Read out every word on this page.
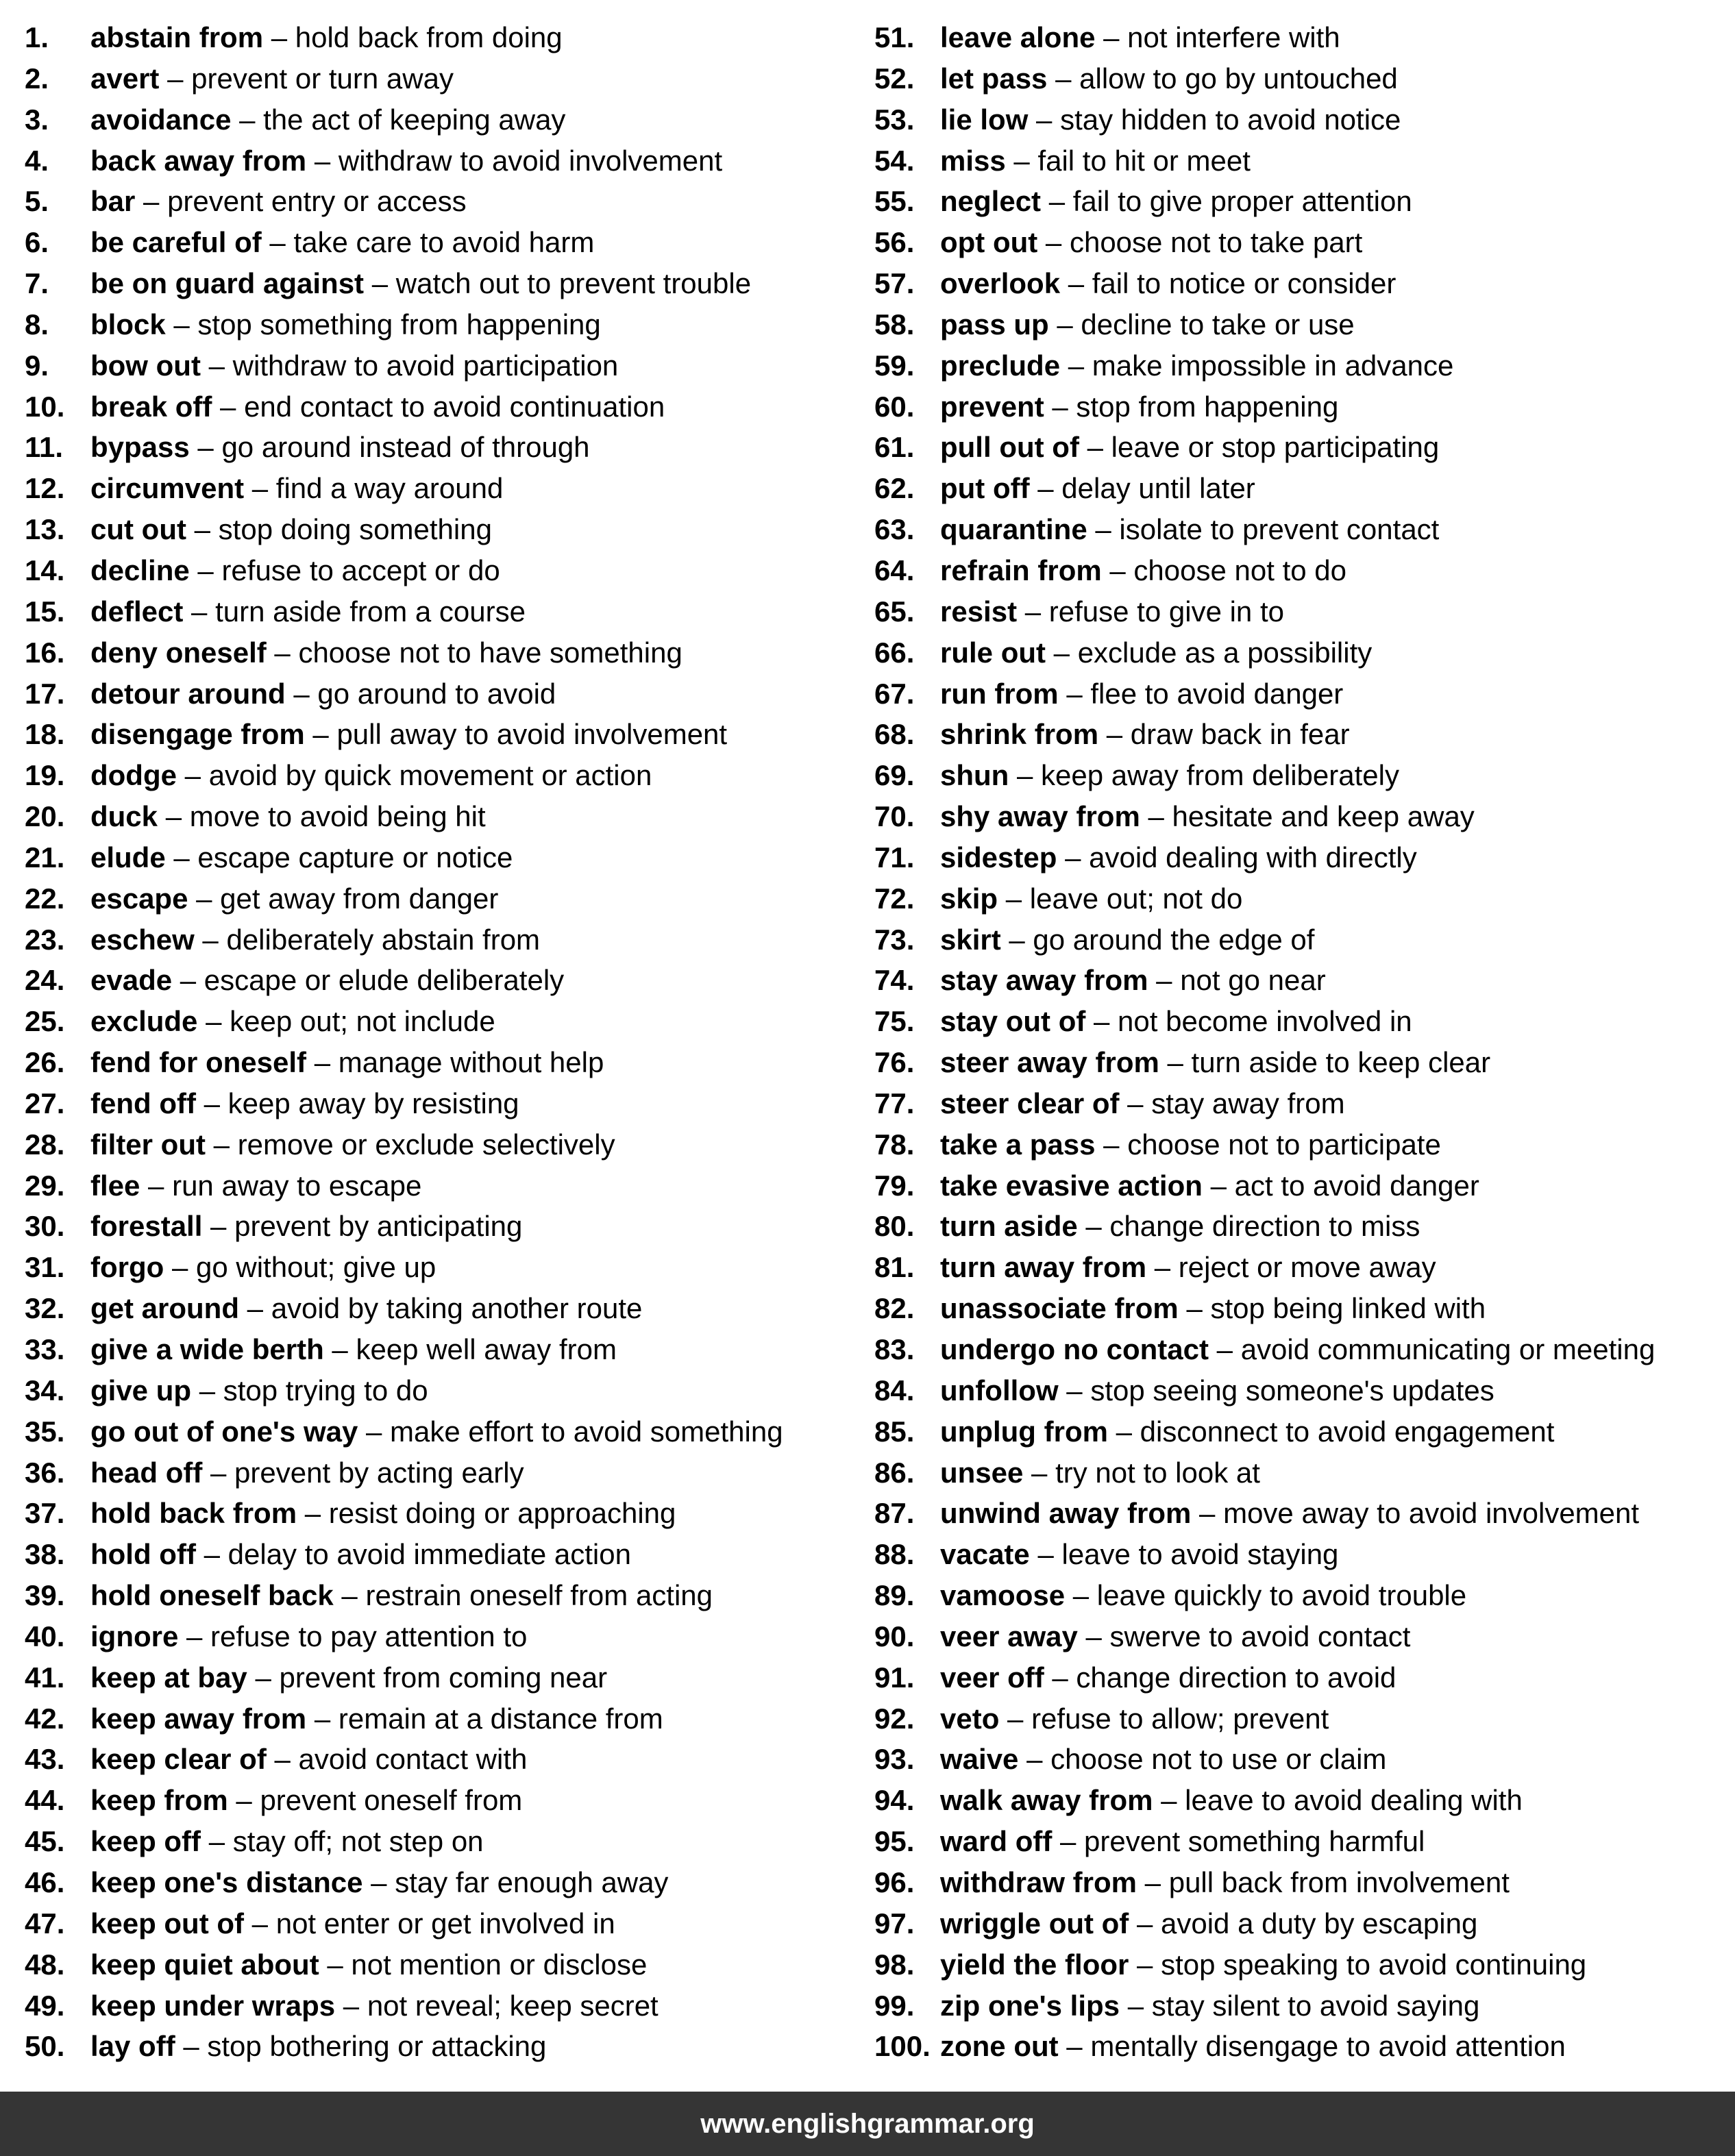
1.	abstain from – hold back from doing
2.	avert – prevent or turn away
3.	avoidance – the act of keeping away
4.	back away from – withdraw to avoid involvement
5.	bar – prevent entry or access
6.	be careful of – take care to avoid harm
7.	be on guard against – watch out to prevent trouble
8.	block – stop something from happening
9.	bow out – withdraw to avoid participation
10. break off – end contact to avoid continuation
11. bypass – go around instead of through
12. circumvent – find a way around
13. cut out – stop doing something
14. decline – refuse to accept or do
15. deflect – turn aside from a course
16. deny oneself – choose not to have something
17. detour around – go around to avoid
18. disengage from – pull away to avoid involvement
19. dodge – avoid by quick movement or action
20. duck – move to avoid being hit
21. elude – escape capture or notice
22. escape – get away from danger
23. eschew – deliberately abstain from
24. evade – escape or elude deliberately
25. exclude – keep out; not include
26. fend for oneself – manage without help
27. fend off – keep away by resisting
28. filter out – remove or exclude selectively
29. flee – run away to escape
30. forestall – prevent by anticipating
31. forgo – go without; give up
32. get around – avoid by taking another route
33. give a wide berth – keep well away from
34. give up – stop trying to do
35. go out of one's way – make effort to avoid something
36. head off – prevent by acting early
37. hold back from – resist doing or approaching
38. hold off – delay to avoid immediate action
39. hold oneself back – restrain oneself from acting
40. ignore – refuse to pay attention to
41. keep at bay – prevent from coming near
42. keep away from – remain at a distance from
43. keep clear of – avoid contact with
44. keep from – prevent oneself from
45. keep off – stay off; not step on
46. keep one's distance – stay far enough away
47. keep out of – not enter or get involved in
48. keep quiet about – not mention or disclose
49. keep under wraps – not reveal; keep secret
50. lay off – stop bothering or attacking
51. leave alone – not interfere with
52. let pass – allow to go by untouched
53. lie low – stay hidden to avoid notice
54. miss – fail to hit or meet
55. neglect – fail to give proper attention
56. opt out – choose not to take part
57. overlook – fail to notice or consider
58. pass up – decline to take or use
59. preclude – make impossible in advance
60. prevent – stop from happening
61. pull out of – leave or stop participating
62. put off – delay until later
63. quarantine – isolate to prevent contact
64. refrain from – choose not to do
65. resist – refuse to give in to
66. rule out – exclude as a possibility
67. run from – flee to avoid danger
68. shrink from – draw back in fear
69. shun – keep away from deliberately
70. shy away from – hesitate and keep away
71. sidestep – avoid dealing with directly
72. skip – leave out; not do
73. skirt – go around the edge of
74. stay away from – not go near
75. stay out of – not become involved in
76. steer away from – turn aside to keep clear
77. steer clear of – stay away from
78. take a pass – choose not to participate
79. take evasive action – act to avoid danger
80. turn aside – change direction to miss
81. turn away from – reject or move away
82. unassociate from – stop being linked with
83. undergo no contact – avoid communicating or meeting
84. unfollow – stop seeing someone's updates
85. unplug from – disconnect to avoid engagement
86. unsee – try not to look at
87. unwind away from – move away to avoid involvement
88. vacate – leave to avoid staying
89. vamoose – leave quickly to avoid trouble
90. veer away – swerve to avoid contact
91. veer off – change direction to avoid
92. veto – refuse to allow; prevent
93. waive – choose not to use or claim
94. walk away from – leave to avoid dealing with
95. ward off – prevent something harmful
96. withdraw from – pull back from involvement
97. wriggle out of – avoid a duty by escaping
98. yield the floor – stop speaking to avoid continuing
99. zip one's lips – stay silent to avoid saying
100. zone out – mentally disengage to avoid attention
www.englishgrammar.org
